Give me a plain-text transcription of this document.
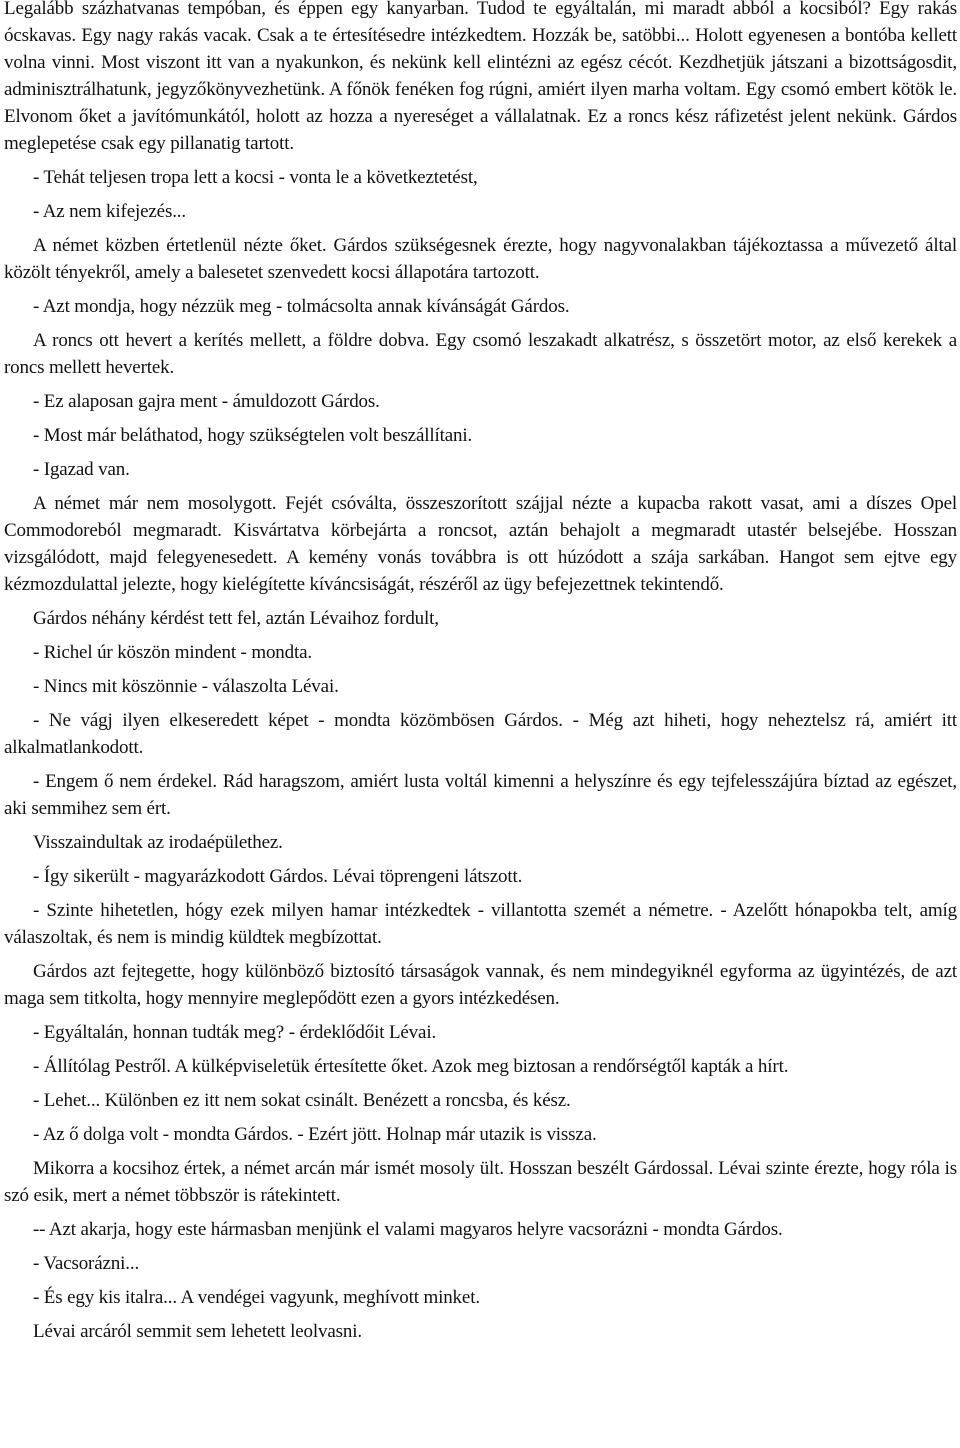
Legalább százhatvanas tempóban, és éppen egy kanyarban. Tudod te egyáltalán, mi maradt abból a kocsiból? Egy rakás ócskavas. Egy nagy rakás vacak. Csak a te értesítésedre intézkedtem. Hozzák be, satöbbi... Holott egyenesen a bontóba kellett volna vinni. Most viszont itt van a nyakunkon, és nekünk kell elintézni az egész cécót. Kezdhetjük játszani a bizottságosdit, adminisztrálhatunk, jegyzőkönyvezhetünk. A főnök fenéken fog rúgni, amiért ilyen marha voltam. Egy csomó embert kötök le. Elvonom őket a javítómunkától, holott az hozza a nyereséget a vállalatnak. Ez a roncs kész ráfizetést jelent nekünk. Gárdos meglepetése csak egy pillanatig tartott.

- Tehát teljesen tropa lett a kocsi - vonta le a következtetést,

- Az nem kifejezés...

A német közben értetlenül nézte őket. Gárdos szükségesnek érezte, hogy nagyvonalakban tájékoztassa a művezető által közölt tényekről, amely a balesetet szenvedett kocsi állapotára tartozott.

- Azt mondja, hogy nézzük meg - tolmácsolta annak kívánságát Gárdos.

A roncs ott hevert a kerítés mellett, a földre dobva. Egy csomó leszakadt alkatrész, s összetört motor, az első kerekek a roncs mellett hevertek.

- Ez alaposan gajra ment - ámuldozott Gárdos.

- Most már beláthatod, hogy szükségtelen volt beszállítani.

- Igazad van.

A német már nem mosolygott. Fejét csóválta, összeszorított szájjal nézte a kupacba rakott vasat, ami a díszes Opel Commodoreból megmaradt. Kisvártatva körbejárta a roncsot, aztán behajolt a megmaradt utastér belsejébe. Hosszan vizsgálódott, majd felegyenesedett. A kemény vonás továbbra is ott húzódott a szája sarkában. Hangot sem ejtve egy kézmozdulattal jelezte, hogy kielégítette kíváncsiságát, részéről az ügy befejezettnek tekintendő.

Gárdos néhány kérdést tett fel, aztán Lévaihoz fordult,

- Richel úr köszön mindent - mondta.

- Nincs mit köszönnie - válaszolta Lévai.

- Ne vágj ilyen elkeseredett képet - mondta közömbösen Gárdos. - Még azt hiheti, hogy neheztelsz rá, amiért itt alkalmatlankodott.

- Engem ő nem érdekel. Rád haragszom, amiért lusta voltál kimenni a helyszínre és egy tejfelesszájúra bíztad az egészet, aki semmihez sem ért.

Visszaindultak az irodaépülethez.

- Így sikerült - magyarázkodott Gárdos. Lévai töprengeni látszott.

- Szinte hihetetlen, hógy ezek milyen hamar intézkedtek - villantotta szemét a németre. - Azelőtt hónapokba telt, amíg válaszoltak, és nem is mindig küldtek megbízottat.

Gárdos azt fejtegette, hogy különböző biztosító társaságok vannak, és nem mindegyiknél egyforma az ügyintézés, de azt maga sem titkolta, hogy mennyire meglepődött ezen a gyors intézkedésen.

- Egyáltalán, honnan tudták meg? - érdeklődőit Lévai.

- Állítólag Pestről. A külképviseletük értesítette őket. Azok meg biztosan a rendőrségtől kapták a hírt.

- Lehet... Különben ez itt nem sokat csinált. Benézett a roncsba, és kész.

- Az ő dolga volt - mondta Gárdos. - Ezért jött. Holnap már utazik is vissza.

Mikorra a kocsihoz értek, a német arcán már ismét mosoly ült. Hosszan beszélt Gárdossal. Lévai szinte érezte, hogy róla is szó esik, mert a német többször is rátekintett.

-- Azt akarja, hogy este hármasban menjünk el valami magyaros helyre vacsorázni - mondta Gárdos.

- Vacsorázni...

- És egy kis italra... A vendégei vagyunk, meghívott minket.

Lévai arcáról semmit sem lehetett leolvasni.
